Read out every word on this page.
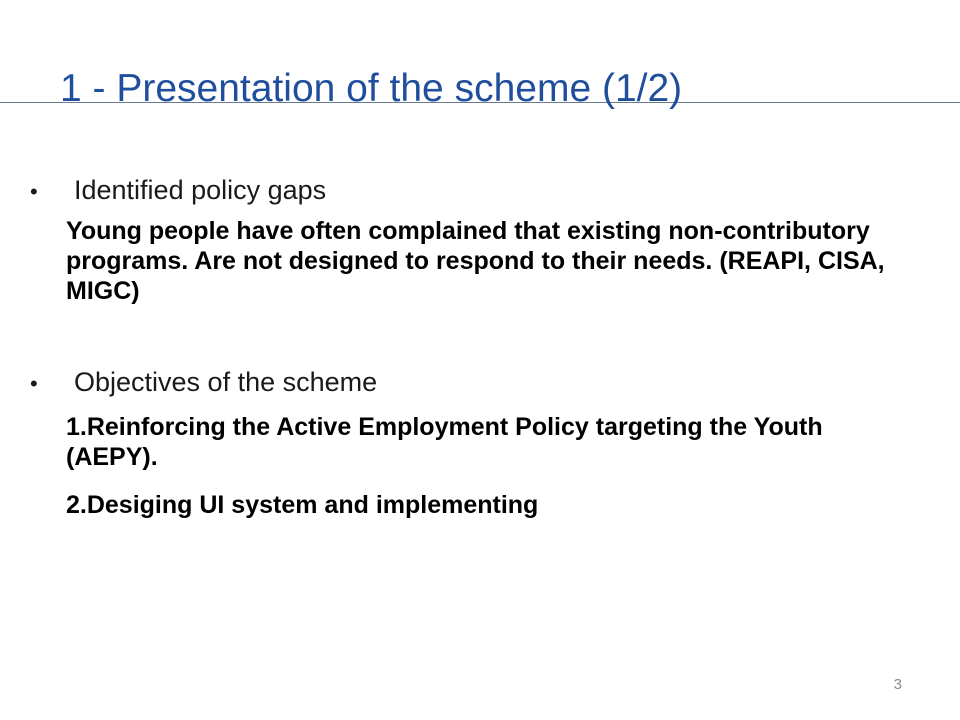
1 - Presentation of the scheme (1/2)
•	Identified policy gaps
Young people have often complained that existing non-contributory programs. Are not designed to respond to their needs. (REAPI, CISA, MIGC)
•	Objectives of the scheme
1.Reinforcing the Active Employment Policy targeting the Youth (AEPY).
2.Desiging UI system and implementing
3
